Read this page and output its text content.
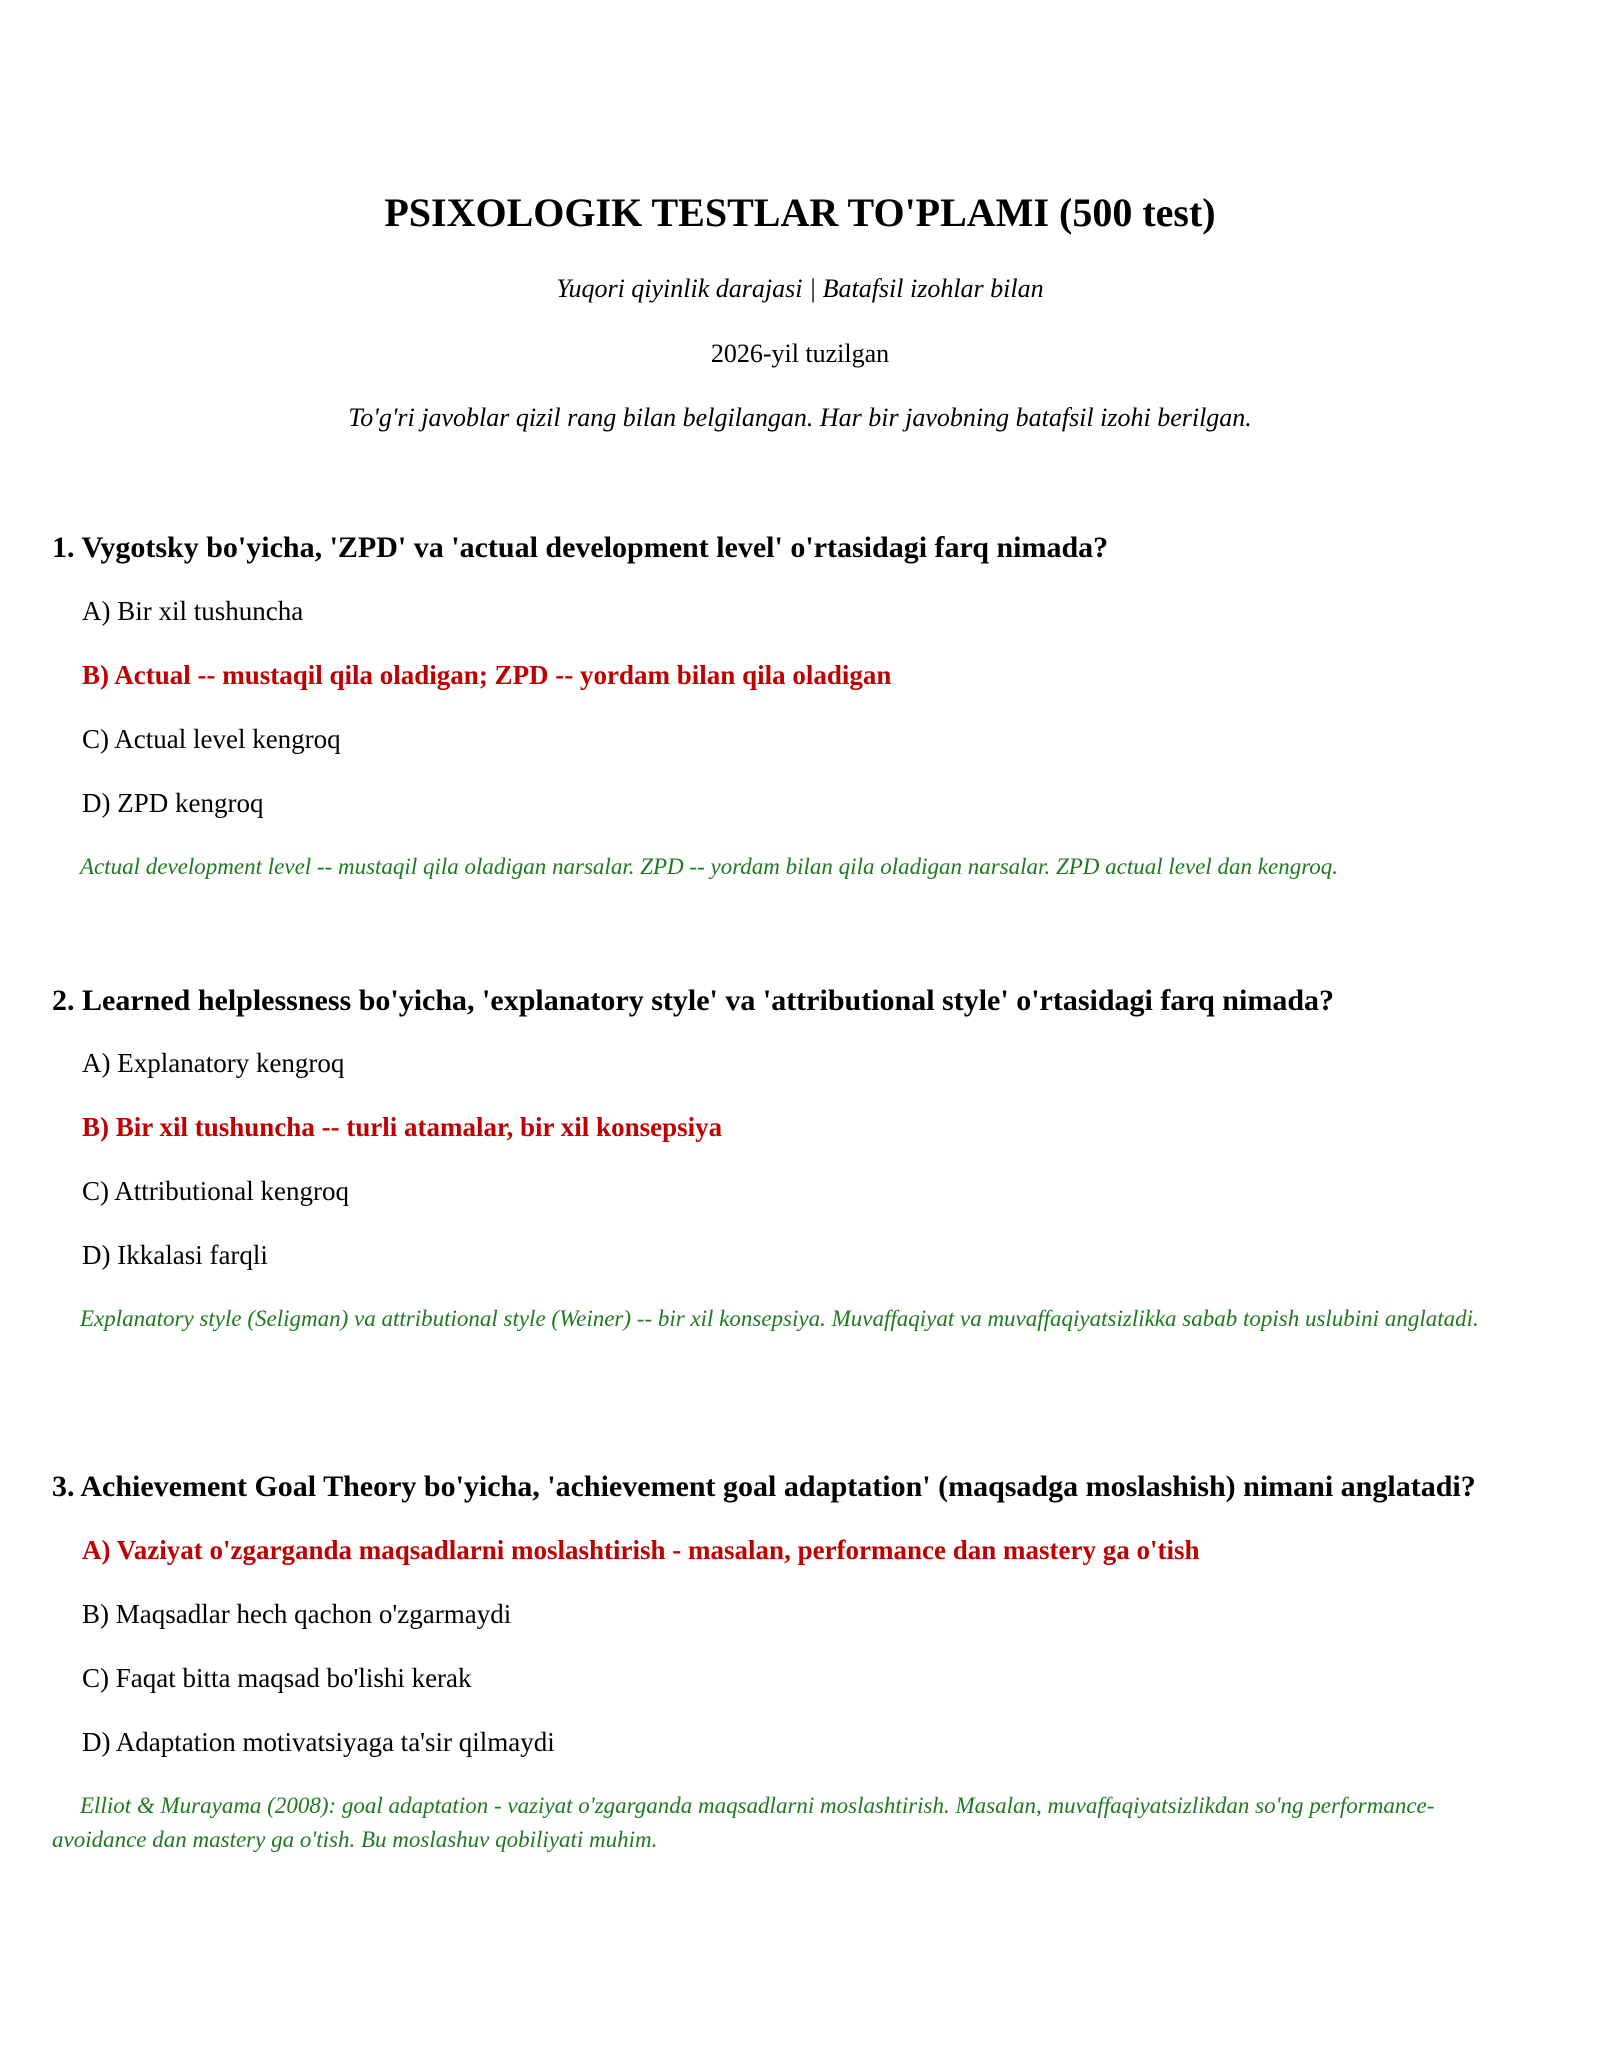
PSIXOLOGIK TESTLAR TO'PLAMI (500 test)
Yuqori qiyinlik darajasi | Batafsil izohlar bilan
2026-yil tuzilgan
To'g'ri javoblar qizil rang bilan belgilangan. Har bir javobning batafsil izohi berilgan.
1. Vygotsky bo'yicha, 'ZPD' va 'actual development level' o'rtasidagi farq nimada?
A) Bir xil tushuncha
B) Actual -- mustaqil qila oladigan; ZPD -- yordam bilan qila oladigan
C) Actual level kengroq
D) ZPD kengroq
Actual development level -- mustaqil qila oladigan narsalar. ZPD -- yordam bilan qila oladigan narsalar. ZPD actual level dan kengroq.
2. Learned helplessness bo'yicha, 'explanatory style' va 'attributional style' o'rtasidagi farq nimada?
A) Explanatory kengroq
B) Bir xil tushuncha -- turli atamalar, bir xil konsepsiya
C) Attributional kengroq
D) Ikkalasi farqli
Explanatory style (Seligman) va attributional style (Weiner) -- bir xil konsepsiya. Muvaffaqiyat va muvaffaqiyatsizlikka sabab topish uslubini anglatadi.
3. Achievement Goal Theory bo'yicha, 'achievement goal adaptation' (maqsadga moslashish) nimani anglatadi?
A) Vaziyat o'zgarganda maqsadlarni moslashtirish - masalan, performance dan mastery ga o'tish
B) Maqsadlar hech qachon o'zgarmaydi
C) Faqat bitta maqsad bo'lishi kerak
D) Adaptation motivatsiyaga ta'sir qilmaydi
Elliot & Murayama (2008): goal adaptation - vaziyat o'zgarganda maqsadlarni moslashtirish. Masalan, muvaffaqiyatsizlikdan so'ng performance-avoidance dan mastery ga o'tish. Bu moslashuv qobiliyati muhim.
